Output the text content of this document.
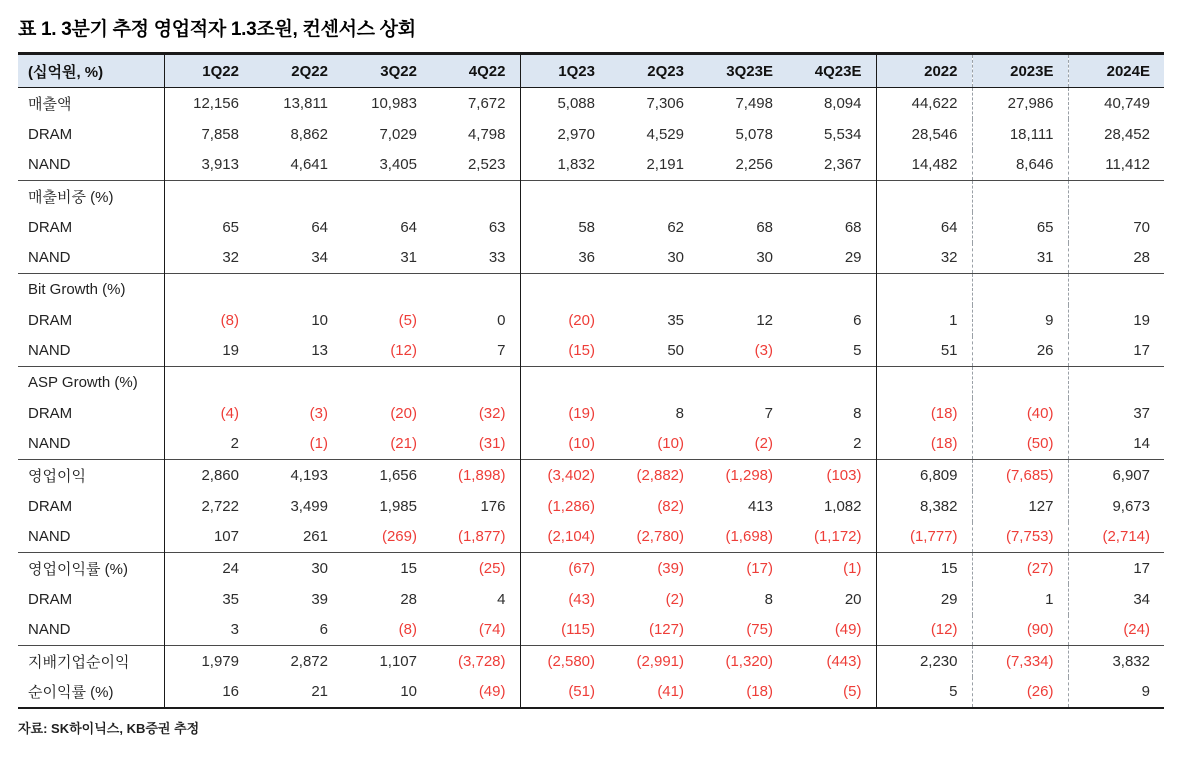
표 1. 3분기 추정 영업적자 1.3조원, 컨센서스 상회
(십억원, %)	1Q22	2Q22	3Q22	4Q22	1Q23	2Q23	3Q23E	4Q23E	2022	2023E	2024E
매출액	12,156	13,811	10,983	7,672	5,088	7,306	7,498	8,094	44,622	27,986	40,749
DRAM	7,858	8,862	7,029	4,798	2,970	4,529	5,078	5,534	28,546	18,111	28,452
NAND	3,913	4,641	3,405	2,523	1,832	2,191	2,256	2,367	14,482	8,646	11,412
매출비중 (%)											
DRAM	65	64	64	63	58	62	68	68	64	65	70
NAND	32	34	31	33	36	30	30	29	32	31	28
Bit Growth (%)											
DRAM	(8)	10	(5)	0	(20)	35	12	6	1	9	19
NAND	19	13	(12)	7	(15)	50	(3)	5	51	26	17
ASP Growth (%)											
DRAM	(4)	(3)	(20)	(32)	(19)	8	7	8	(18)	(40)	37
NAND	2	(1)	(21)	(31)	(10)	(10)	(2)	2	(18)	(50)	14
영업이익	2,860	4,193	1,656	(1,898)	(3,402)	(2,882)	(1,298)	(103)	6,809	(7,685)	6,907
DRAM	2,722	3,499	1,985	176	(1,286)	(82)	413	1,082	8,382	127	9,673
NAND	107	261	(269)	(1,877)	(2,104)	(2,780)	(1,698)	(1,172)	(1,777)	(7,753)	(2,714)
영업이익률 (%)	24	30	15	(25)	(67)	(39)	(17)	(1)	15	(27)	17
DRAM	35	39	28	4	(43)	(2)	8	20	29	1	34
NAND	3	6	(8)	(74)	(115)	(127)	(75)	(49)	(12)	(90)	(24)
지배기업순이익	1,979	2,872	1,107	(3,728)	(2,580)	(2,991)	(1,320)	(443)	2,230	(7,334)	3,832
순이익률 (%)	16	21	10	(49)	(51)	(41)	(18)	(5)	5	(26)	9
자료: SK하이닉스, KB증권 추정
